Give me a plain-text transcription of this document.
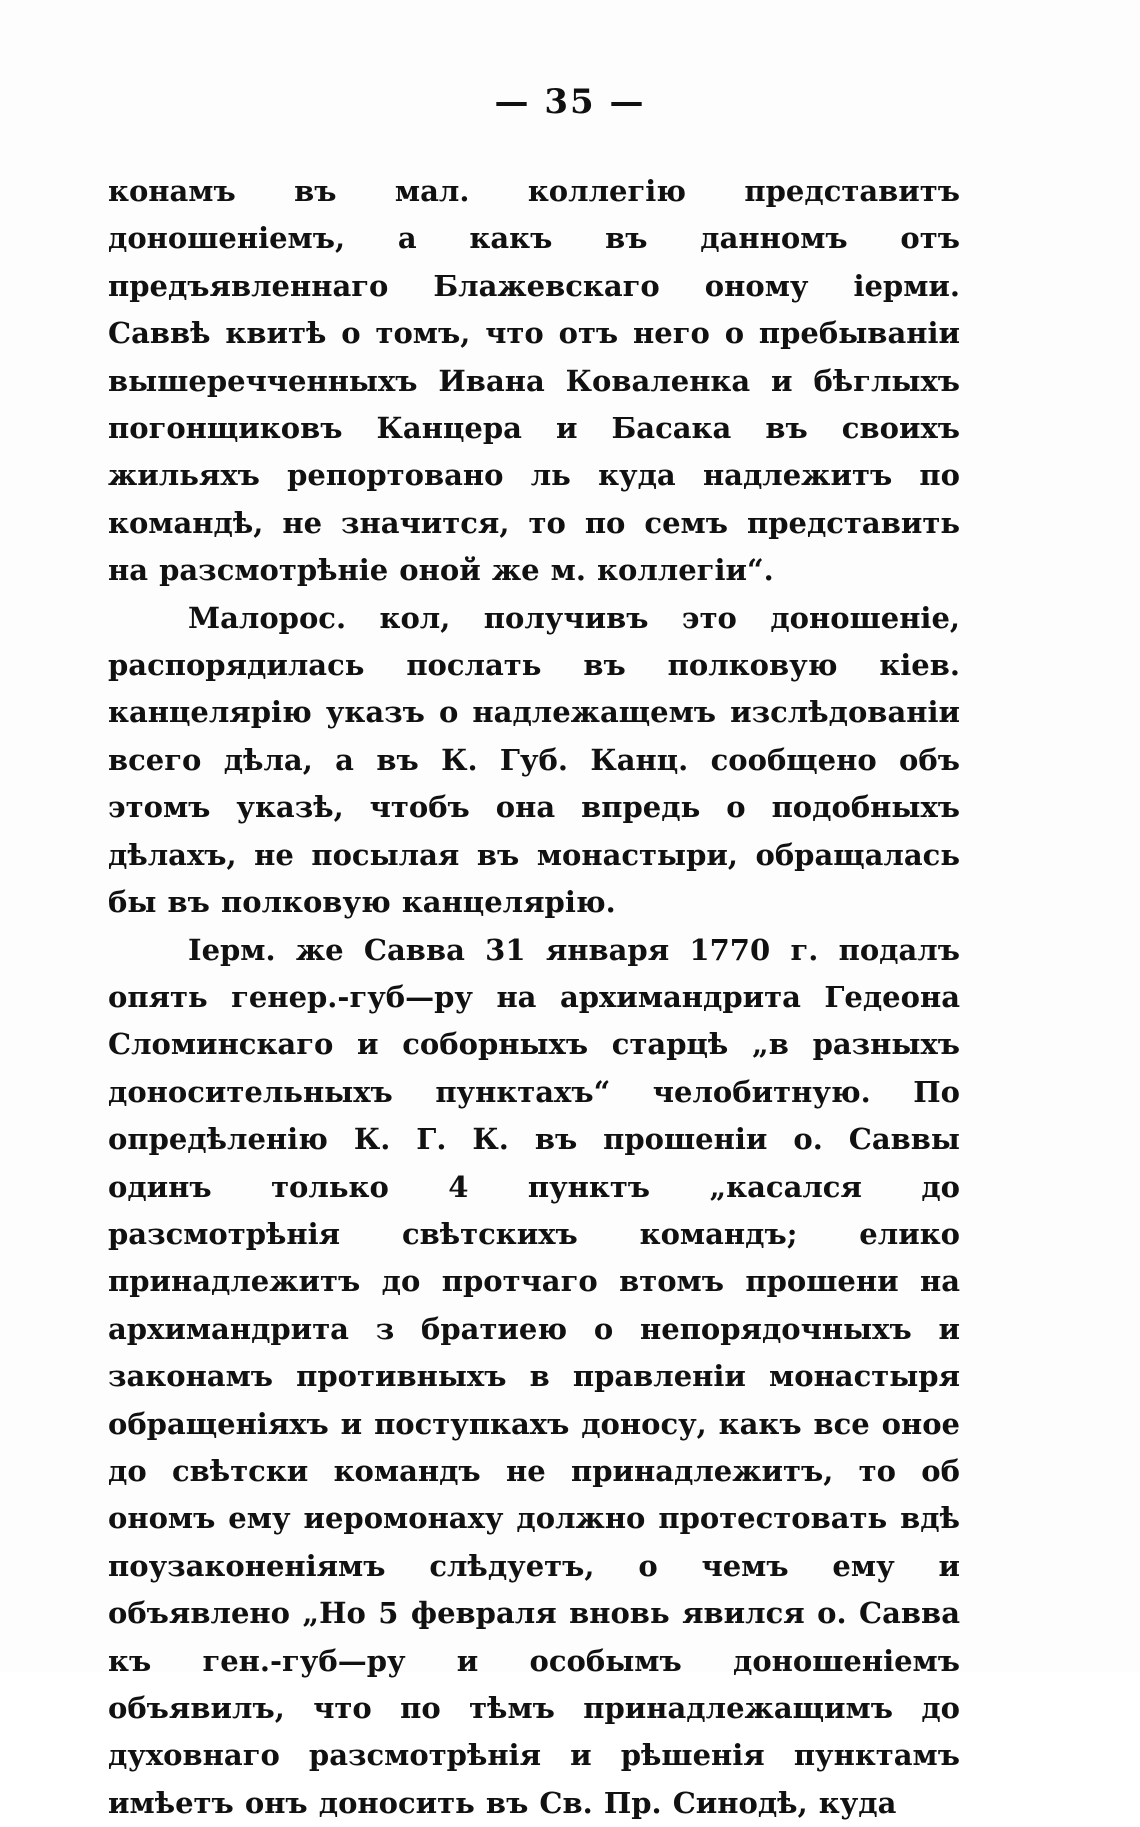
— 35 —

конамъ въ мал. коллегію представитъ доношеніемъ, а какъ въ данномъ отъ предъявленнаго Блажевскаго оному іерми. Саввѣ квитѣ о томъ, что отъ него о пребываніи вышеречченныхъ Ивана Коваленка и бѣглыхъ погонщиковъ Канцера и Басака въ своихъ жильяхъ репортовано ль куда надлежитъ по командѣ, не значится, то по семъ представить на разсмотрѣніе оной же м. коллегіи“.

Малорос. кол, получивъ это доношеніе, распорядилась послать въ полковую кіев. канцелярію указъ о надлежащемъ изслѣдованіи всего дѣла, а въ К. Губ. Канц. сообщено объ этомъ указѣ, чтобъ она впредь о подобныхъ дѣлахъ, не посылая въ монастыри, обращалась бы въ полковую канцелярію.

Іерм. же Савва 31 января 1770 г. подалъ опять генер.-губ—ру на архимандрита Гедеона Сломинскаго и соборныхъ старцѣ „в разныхъ доносительныхъ пунктахъ“ челобитную. По опредѣленію К. Г. К. въ прошеніи о. Саввы одинъ только 4 пунктъ „касался до разсмотрѣнія свѣтскихъ командъ; елико принадлежитъ до протчаго втомъ прошени на архимандрита з братиею о непорядочныхъ и законамъ противныхъ в правленіи монастыря обращеніяхъ и поступкахъ доносу, какъ все оное до свѣтски командъ не принадлежитъ, то об ономъ ему иеромонаху должно протестовать вдѣ поузаконеніямъ слѣдуетъ, о чемъ ему и объявлено „Но 5 февраля вновь явился о. Савва къ ген.-губ—ру и особымъ доношеніемъ объявилъ, что по тѣмъ принадлежащимъ до духовнаго разсмотрѣнія и рѣшенія пунктамъ имѣетъ онъ доносить въ Св. Пр. Синодѣ, куда
